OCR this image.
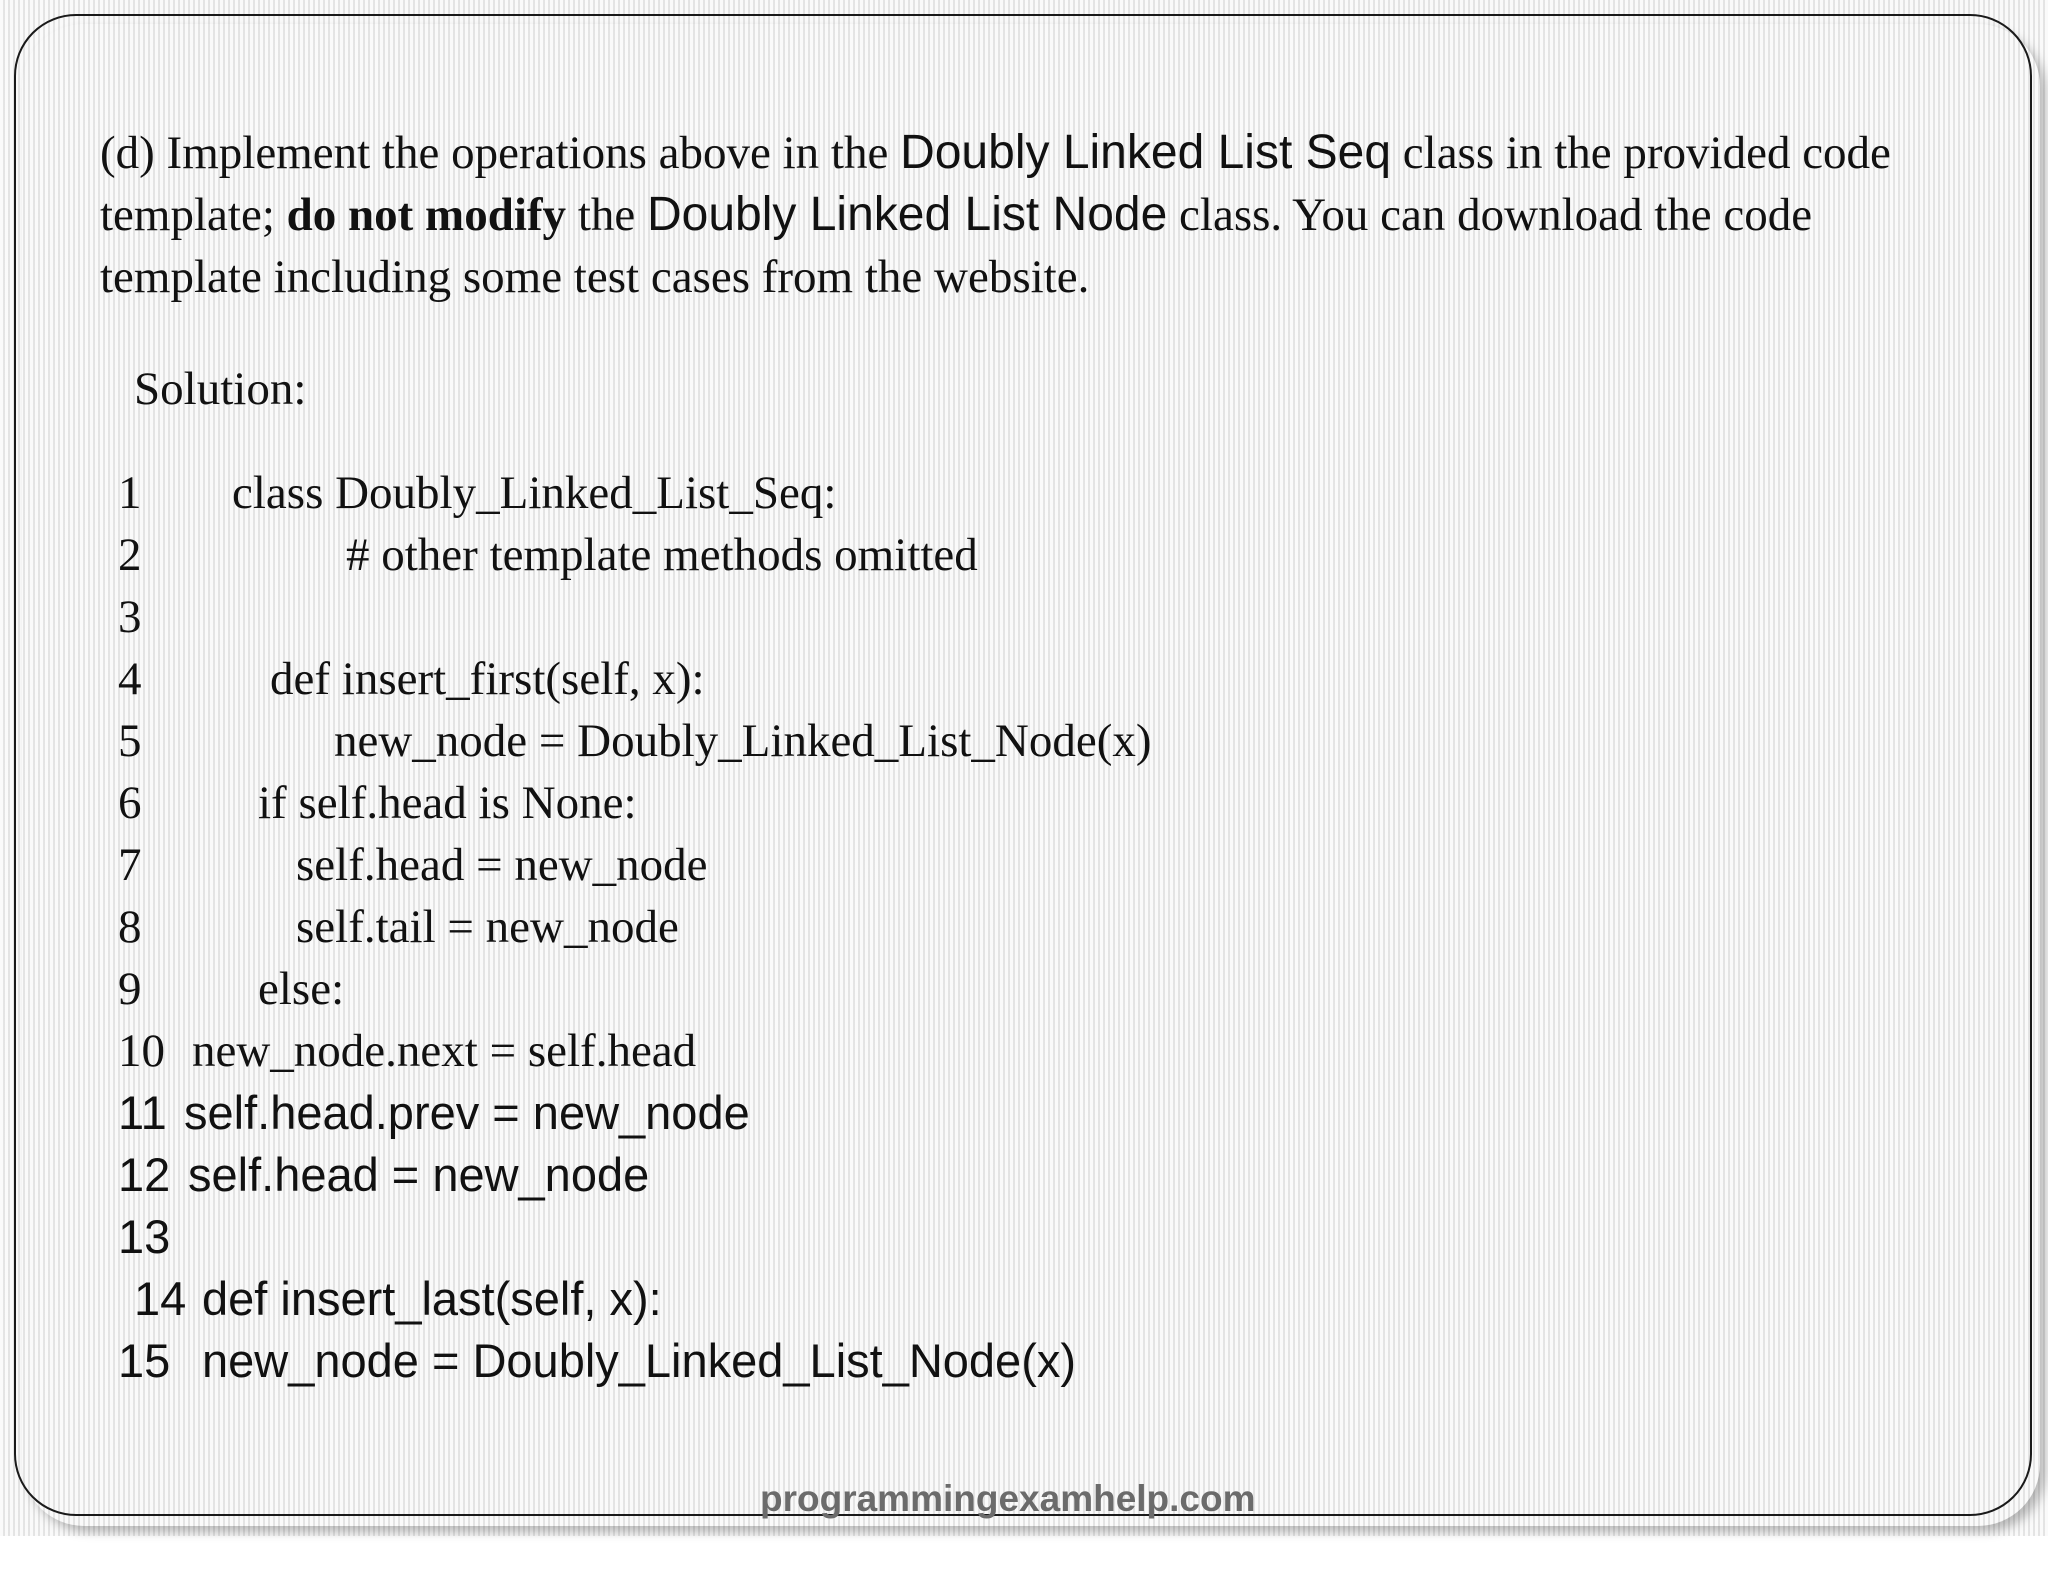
(d) Implement the operations above in the Doubly Linked List Seq class in the provided code template; do not modify the Doubly Linked List Node class. You can download the code template including some test cases from the website.

Solution:

1

class Doubly_Linked_List_Seq:

2

	# other template methods omitted

3

4

	def insert_first(self, x):

5

	new_node = Doubly_Linked_List_Node(x)

6

if self.head is None:

7

	self.head = new_node

8

	self.tail = new_node

9

else:

10

new_node.next = self.head

11

self.head.prev = new_node

12

self.head = new_node

13

14

def insert_last(self, x):

15

new_node = Doubly_Linked_List_Node(x)

programmingexamhelp.com
